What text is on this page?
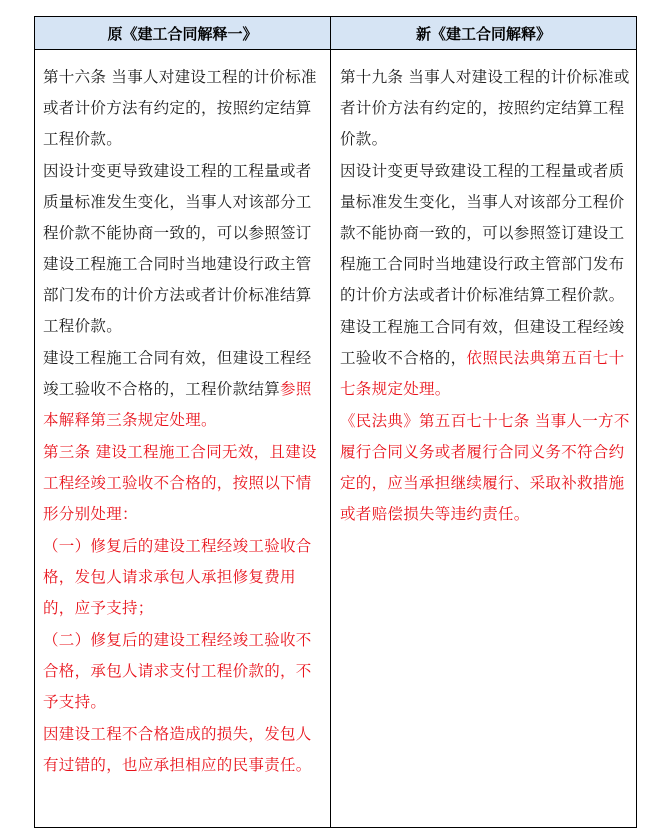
原《建工合同解释一》	新《建工合同解释》

第十六条 当事人对建设工程的计价标准或者计价方法有约定的，按照约定结算工程价款。

因设计变更导致建设工程的工程量或者质量标准发生变化，当事人对该部分工程价款不能协商一致的，可以参照签订建设工程施工合同时当地建设行政主管部门发布的计价方法或者计价标准结算工程价款。

建设工程施工合同有效，但建设工程经竣工验收不合格的，工程价款结算参照本解释第三条规定处理。

第三条 建设工程施工合同无效，且建设工程经竣工验收不合格的，按照以下情形分别处理：

（一）修复后的建设工程经竣工验收合格，发包人请求承包人承担修复费用的，应予支持；

（二）修复后的建设工程经竣工验收不合格，承包人请求支付工程价款的，不予支持。

因建设工程不合格造成的损失，发包人有过错的，也应承担相应的民事责任。

第十九条 当事人对建设工程的计价标准或者计价方法有约定的，按照约定结算工程价款。

因设计变更导致建设工程的工程量或者质量标准发生变化，当事人对该部分工程价款不能协商一致的，可以参照签订建设工程施工合同时当地建设行政主管部门发布的计价方法或者计价标准结算工程价款。

建设工程施工合同有效，但建设工程经竣工验收不合格的，依照民法典第五百七十七条规定处理。

《民法典》第五百七十七条 当事人一方不履行合同义务或者履行合同义务不符合约定的，应当承担继续履行、采取补救措施或者赔偿损失等违约责任。
